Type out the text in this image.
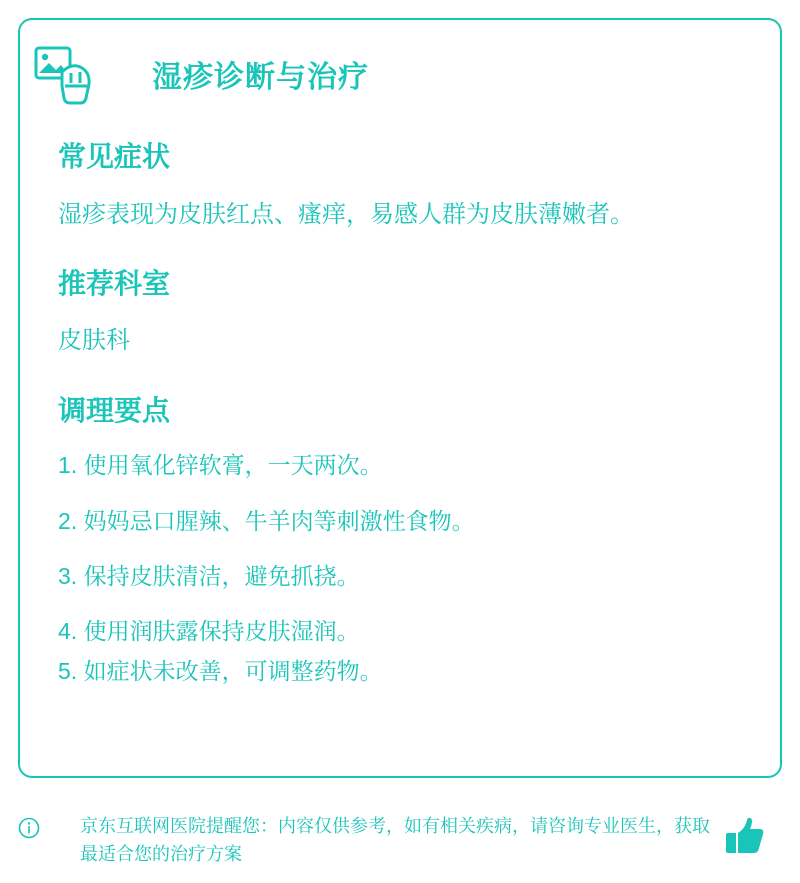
湿疹诊断与治疗
常见症状

湿疹表现为皮肤红点、瘙痒，易感人群为皮肤薄嫩者。

推荐科室

皮肤科

调理要点
1. 使用氧化锌软膏，一天两次。
2. 妈妈忌口腥辣、牛羊肉等刺激性食物。
3. 保持皮肤清洁，避免抓挠。
4. 使用润肤露保持皮肤湿润。
5. 如症状未改善，可调整药物。
京东互联网医院提醒您：内容仅供参考，如有相关疾病，请咨询专业医生，获取最适合您的治疗方案
